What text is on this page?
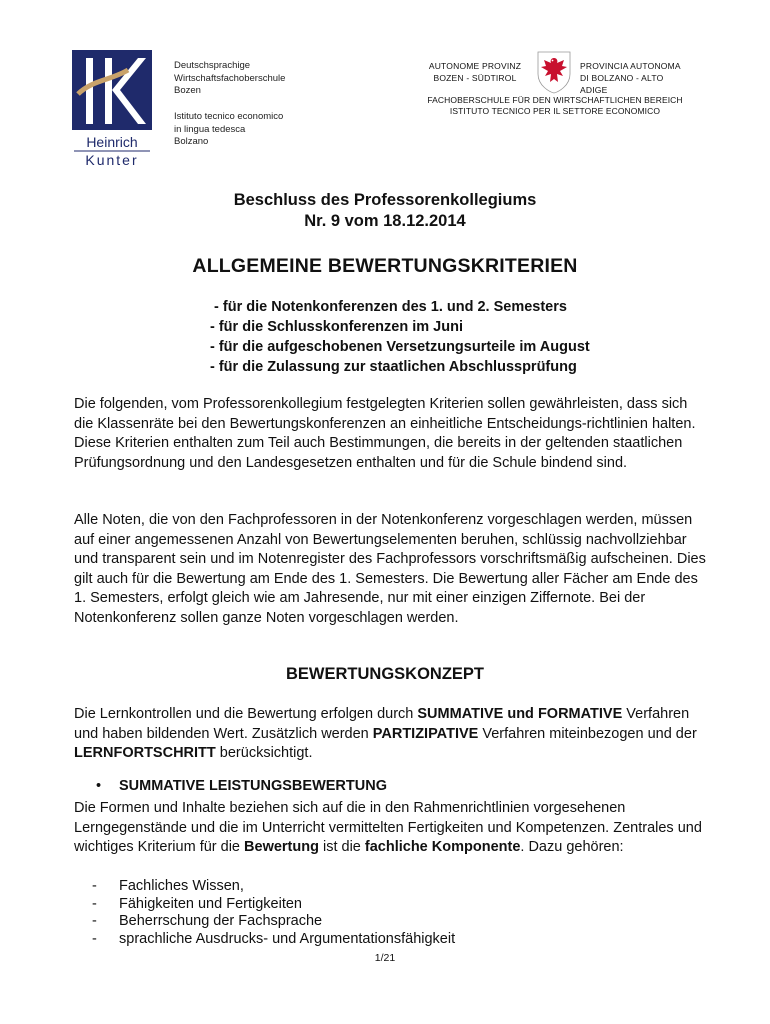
Heinrich
Kunter
Deutschsprachige
Wirtschaftsfachoberschule
Bozen
Istituto tecnico economico
in lingua tedesca
Bolzano
AUTONOME PROVINZ
BOZEN - SÜDTIROL
PROVINCIA AUTONOMA
DI BOLZANO - ALTO ADIGE
FACHOBERSCHULE FÜR DEN WIRTSCHAFTLICHEN BEREICH
ISTITUTO TECNICO PER IL SETTORE ECONOMICO
Beschluss des Professorenkollegiums
Nr. 9 vom 18.12.2014
ALLGEMEINE BEWERTUNGSKRITERIEN
- für die Notenkonferenzen des 1. und 2. Semesters
- für die Schlusskonferenzen im Juni
- für die aufgeschobenen Versetzungsurteile im August
- für die Zulassung zur staatlichen Abschlussprüfung

Die folgenden, vom Professorenkollegium festgelegten Kriterien sollen gewährleisten, dass sich die Klassenräte bei den Bewertungskonferenzen an einheitliche Entscheidungs-richtlinien halten. Diese Kriterien enthalten zum Teil auch Bestimmungen, die bereits in der geltenden staatlichen Prüfungsordnung und den Landesgesetzen enthalten und für die Schule bindend sind.

Alle Noten, die von den Fachprofessoren in der Notenkonferenz vorgeschlagen werden, müssen auf einer angemessenen Anzahl von Bewertungselementen beruhen, schlüssig nachvollziehbar und transparent sein und im Notenregister des Fachprofessors vorschriftsmäßig aufscheinen. Dies gilt auch für die Bewertung am Ende des 1. Semesters. Die Bewertung aller Fächer am Ende des 1. Semesters, erfolgt gleich wie am Jahresende, nur mit einer einzigen Ziffernote. Bei der Notenkonferenz sollen ganze Noten vorgeschlagen werden.

BEWERTUNGSKONZEPT

Die Lernkontrollen und die Bewertung erfolgen durch SUMMATIVE und FORMATIVE Verfahren und haben bildenden Wert. Zusätzlich werden PARTIZIPATIVE Verfahren miteinbezogen und der LERNFORTSCHRITT berücksichtigt.

• SUMMATIVE LEISTUNGSBEWERTUNG

Die Formen und Inhalte beziehen sich auf die in den Rahmenrichtlinien vorgesehenen Lerngegenstände und die im Unterricht vermittelten Fertigkeiten und Kompetenzen. Zentrales und wichtiges Kriterium für die Bewertung ist die fachliche Komponente. Dazu gehören:

- Fachliches Wissen,
- Fähigkeiten und Fertigkeiten
- Beherrschung der Fachsprache
- sprachliche Ausdrucks- und Argumentationsfähigkeit
1/21
